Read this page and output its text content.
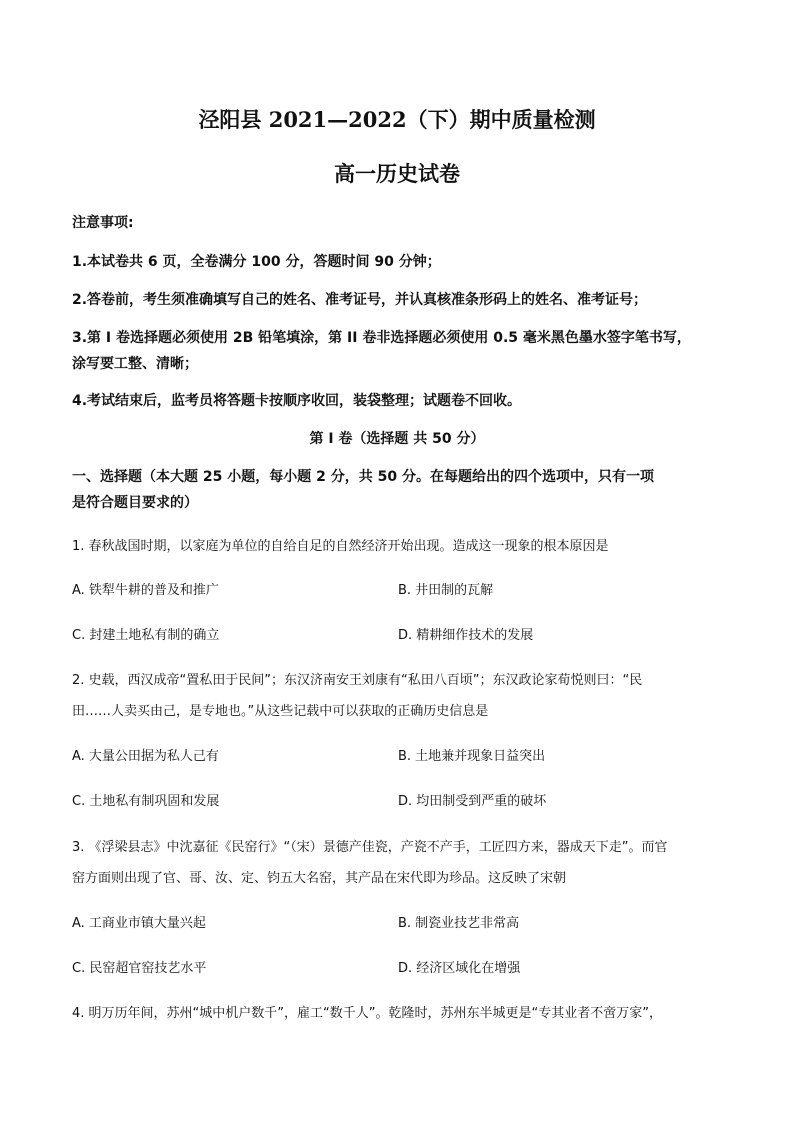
泾阳县 2021—2022（下）期中质量检测
高一历史试卷
注意事项:
1.本试卷共 6 页，全卷满分 100 分，答题时间 90 分钟；
2.答卷前，考生须准确填写自己的姓名、准考证号，并认真核准条形码上的姓名、准考证号；
3.第 I 卷选择题必须使用 2B 铅笔填涂，第 II 卷非选择题必须使用 0.5 毫米黑色墨水签字笔书写，
涂写要工整、清晰；
4.考试结束后，监考员将答题卡按顺序收回，装袋整理；试题卷不回收。
第 I 卷（选择题 共 50 分）
一、选择题（本大题 25 小题，每小题 2 分，共 50 分。在每题给出的四个选项中，只有一项
是符合题目要求的）
1. 春秋战国时期，以家庭为单位的自给自足的自然经济开始出现。造成这一现象的根本原因是
A. 铁犁牛耕的普及和推广	B. 井田制的瓦解
C. 封建土地私有制的确立	D. 精耕细作技术的发展
2. 史载，西汉成帝“置私田于民间”；东汉济南安王刘康有“私田八百顷”；东汉政论家荀悦则曰：“民
田……人卖买由己，是专地也。”从这些记载中可以获取的正确历史信息是
A. 大量公田据为私人己有	B. 土地兼并现象日益突出
C. 土地私有制巩固和发展	D. 均田制受到严重的破坏
3. 《浮梁县志》中沈嘉征《民窑行》“（宋）景德产佳瓷，产瓷不产手，工匠四方来，器成天下走”。而官
窑方面则出现了官、哥、汝、定、钧五大名窑，其产品在宋代即为珍品。这反映了宋朝
A. 工商业市镇大量兴起	B. 制瓷业技艺非常高
C. 民窑超官窑技艺水平	D. 经济区域化在增强
4. 明万历年间，苏州“城中机户数千”，雇工“数千人”。乾隆时，苏州东半城更是“专其业者不啻万家”，
